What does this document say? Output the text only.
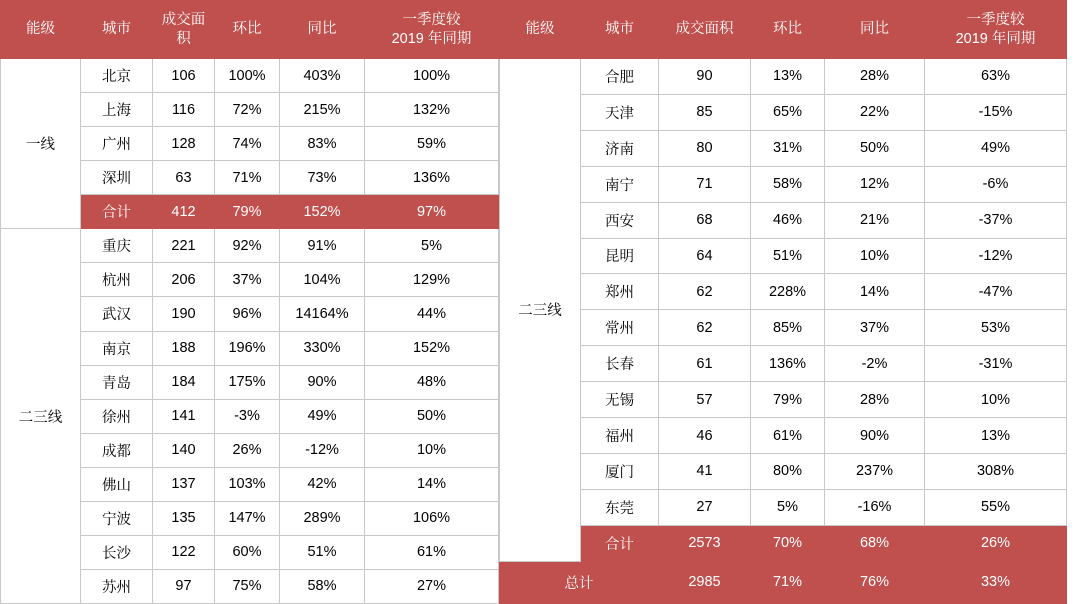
能级	城市	成交面
积	环比	同比	一季度较
2019 年同期

一线	北京	106	100%	403%	100%
	上海	116	72%	215%	132%
	广州	128	74%	83%	59%
	深圳	63	71%	73%	136%
	合计	412	79%	152%	97%
二三线	重庆	221	92%	91%	5%
	杭州	206	37%	104%	129%
	武汉	190	96%	14164%	44%
	南京	188	196%	330%	152%
	青岛	184	175%	90%	48%
	徐州	141	-3%	49%	50%
	成都	140	26%	-12%	10%
	佛山	137	103%	42%	14%
	宁波	135	147%	289%	106%
	长沙	122	60%	51%	61%
	苏州	97	75%	58%	27%
能级	城市	成交面积	环比	同比	一季度较
2019 年同期

二三线	合肥	90	13%	28%	63%
	天津	85	65%	22%	-15%
	济南	80	31%	50%	49%
	南宁	71	58%	12%	-6%
	西安	68	46%	21%	-37%
	昆明	64	51%	10%	-12%
	郑州	62	228%	14%	-47%
	常州	62	85%	37%	53%
	长春	61	136%	-2%	-31%
	无锡	57	79%	28%	10%
	福州	46	61%	90%	13%
	厦门	41	80%	237%	308%
	东莞	27	5%	-16%	55%
	合计	2573	70%	68%	26%
总计		2985	71%	76%	33%
